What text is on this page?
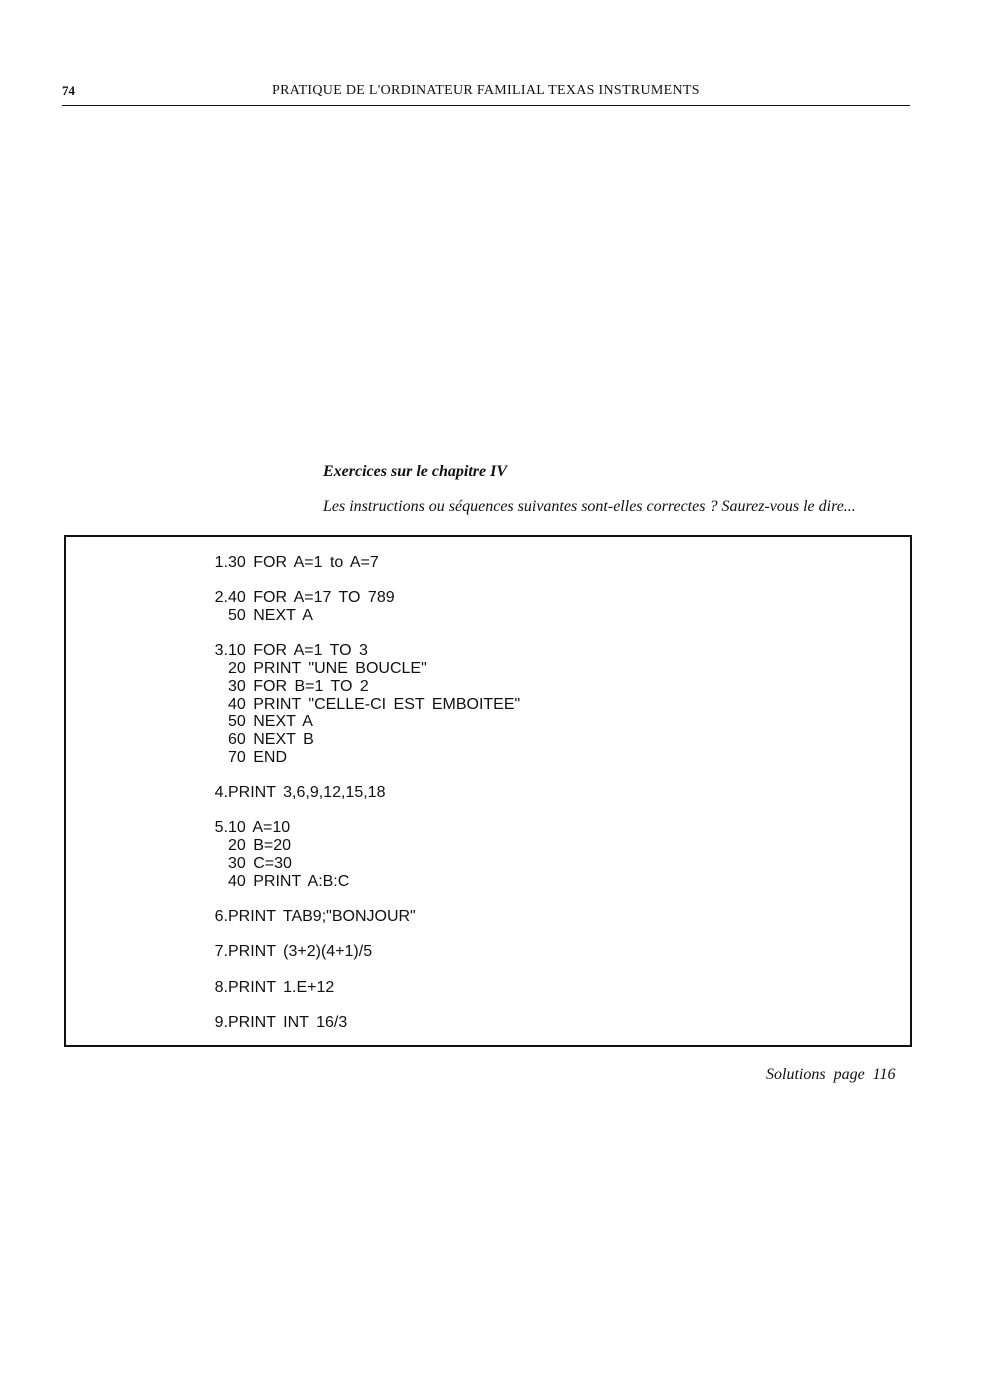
74	PRATIQUE DE L'ORDINATEUR FAMILIAL TEXAS INSTRUMENTS
Exercices sur le chapitre IV
Les instructions ou séquences suivantes sont-elles correctes ? Saurez-vous le dire...
1. 30 FOR A=1 to A=7
2. 40 FOR A=17 TO 789
50 NEXT A
3. 10 FOR A=1 TO 3
20 PRINT "UNE BOUCLE"
30 FOR B=1 TO 2
40 PRINT "CELLE-CI EST EMBOITEE"
50 NEXT A
60 NEXT B
70 END
4. PRINT 3,6,9,12,15,18
5. 10 A=10
20 B=20
30 C=30
40 PRINT A:B:C
6. PRINT TAB9;"BONJOUR"
7. PRINT (3+2)(4+1)/5
8. PRINT 1.E+12
9. PRINT INT 16/3
Solutions page 116
